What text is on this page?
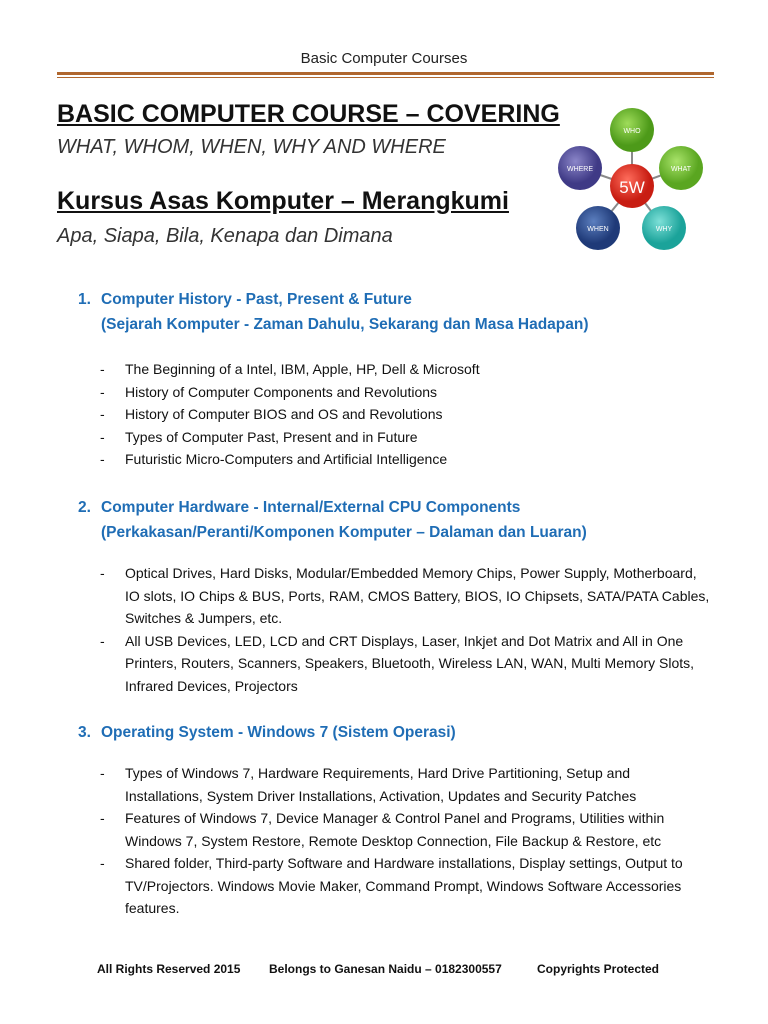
Basic Computer Courses
BASIC COMPUTER COURSE – COVERING
WHAT, WHOM, WHEN, WHY AND WHERE
Kursus Asas Komputer – Merangkumi
Apa, Siapa, Bila, Kenapa dan Dimana
WHO
WHAT
WHY
WHEN
WHERE
5W
1. Computer History - Past, Present & Future
(Sejarah Komputer - Zaman Dahulu, Sekarang dan Masa Hadapan)
- The Beginning of a Intel, IBM, Apple, HP, Dell & Microsoft
- History of Computer Components and Revolutions
- History of Computer BIOS and OS and Revolutions
- Types of Computer Past, Present and in Future
- Futuristic Micro-Computers and Artificial Intelligence
2. Computer Hardware - Internal/External CPU Components
(Perkakasan/Peranti/Komponen Komputer – Dalaman dan Luaran)
- Optical Drives, Hard Disks, Modular/Embedded Memory Chips, Power Supply, Motherboard, IO slots, IO Chips & BUS, Ports, RAM, CMOS Battery, BIOS, IO Chipsets, SATA/PATA Cables, Switches & Jumpers, etc.
- All USB Devices, LED, LCD and CRT Displays, Laser, Inkjet and Dot Matrix and All in One Printers, Routers, Scanners, Speakers, Bluetooth, Wireless LAN, WAN, Multi Memory Slots, Infrared Devices, Projectors
3. Operating System - Windows 7 (Sistem Operasi)
- Types of Windows 7, Hardware Requirements, Hard Drive Partitioning, Setup and Installations, System Driver Installations, Activation, Updates and Security Patches
- Features of Windows 7, Device Manager & Control Panel and Programs, Utilities within Windows 7, System Restore, Remote Desktop Connection, File Backup & Restore, etc
- Shared folder, Third-party Software and Hardware installations, Display settings, Output to TV/Projectors. Windows Movie Maker, Command Prompt, Windows Software Accessories features.
All Rights Reserved 2015 Belongs to Ganesan Naidu – 0182300557	Copyrights Protected
